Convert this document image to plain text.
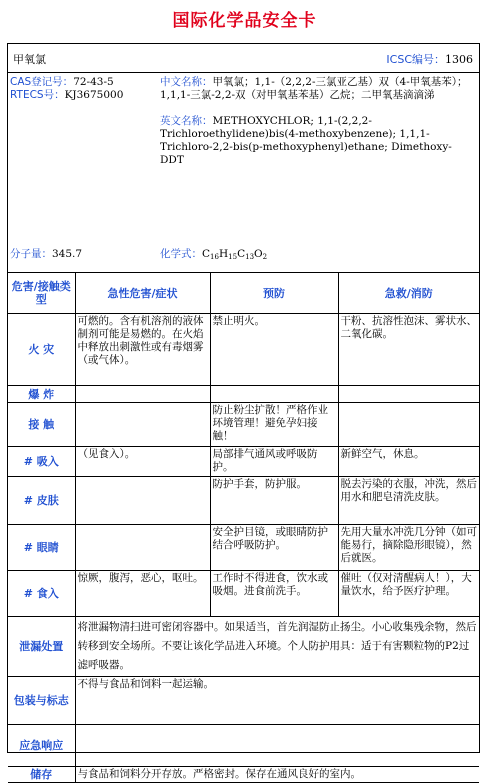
国际化学品安全卡
甲氧氯	ICSC编号：1306

CAS登记号：72-43-5

RTECS号：KJ3675000

中文名称：甲氧氯；1,1-（2,2,2-三氯亚乙基）双（4-甲氧基苯）；1,1,1-三氯-2,2-双（对甲氧基苯基）乙烷；二甲氧基滴滴涕

英文名称：METHOXYCHLOR; 1,1-(2,2,2-Trichloroethylidene)bis(4-methoxybenzene); 1,1,1-Trichloro-2,2-bis(p-methoxyphenyl)ethane; Dimethoxy-DDT

分子量：345.7	化学式：$C_{16}H_{15}C_{13}O_2$
危害/接触类型	急性危害/症状	预防	急救/消防
火 灾	可燃的。含有机溶剂的液体制剂可能是易燃的。在火焰中释放出刺激性或有毒烟雾（或气体）。	禁止明火。	干粉、抗溶性泡沫、雾状水、二氧化碳。
爆 炸			
接 触		防止粉尘扩散！严格作业环境管理！避免孕妇接触！	
# 吸入	（见食入）。	局部排气通风或呼吸防护。	新鲜空气，休息。
# 皮肤		防护手套，防护服。	脱去污染的衣服，冲洗，然后用水和肥皂清洗皮肤。
# 眼睛		安全护目镜，或眼睛防护结合呼吸防护。	先用大量水冲洗几分钟（如可能易行，摘除隐形眼镜），然后就医。
# 食入	惊厥，腹泻，恶心，呕吐。	工作时不得进食，饮水或吸烟。进食前洗手。	催吐（仅对清醒病人！），大量饮水，给予医疗护理。
泄漏处置	将泄漏物清扫进可密闭容器中。如果适当，首先润湿防止扬尘。小心收集残余物，然后转移到安全场所。不要让该化学品进入环境。个人防护用具：适于有害颗粒物的P2过滤呼吸器。		
包装与标志	不得与食品和饲料一起运输。		
应急响应			
储存	与食品和饲料分开存放。严格密封。保存在通风良好的室内。		
